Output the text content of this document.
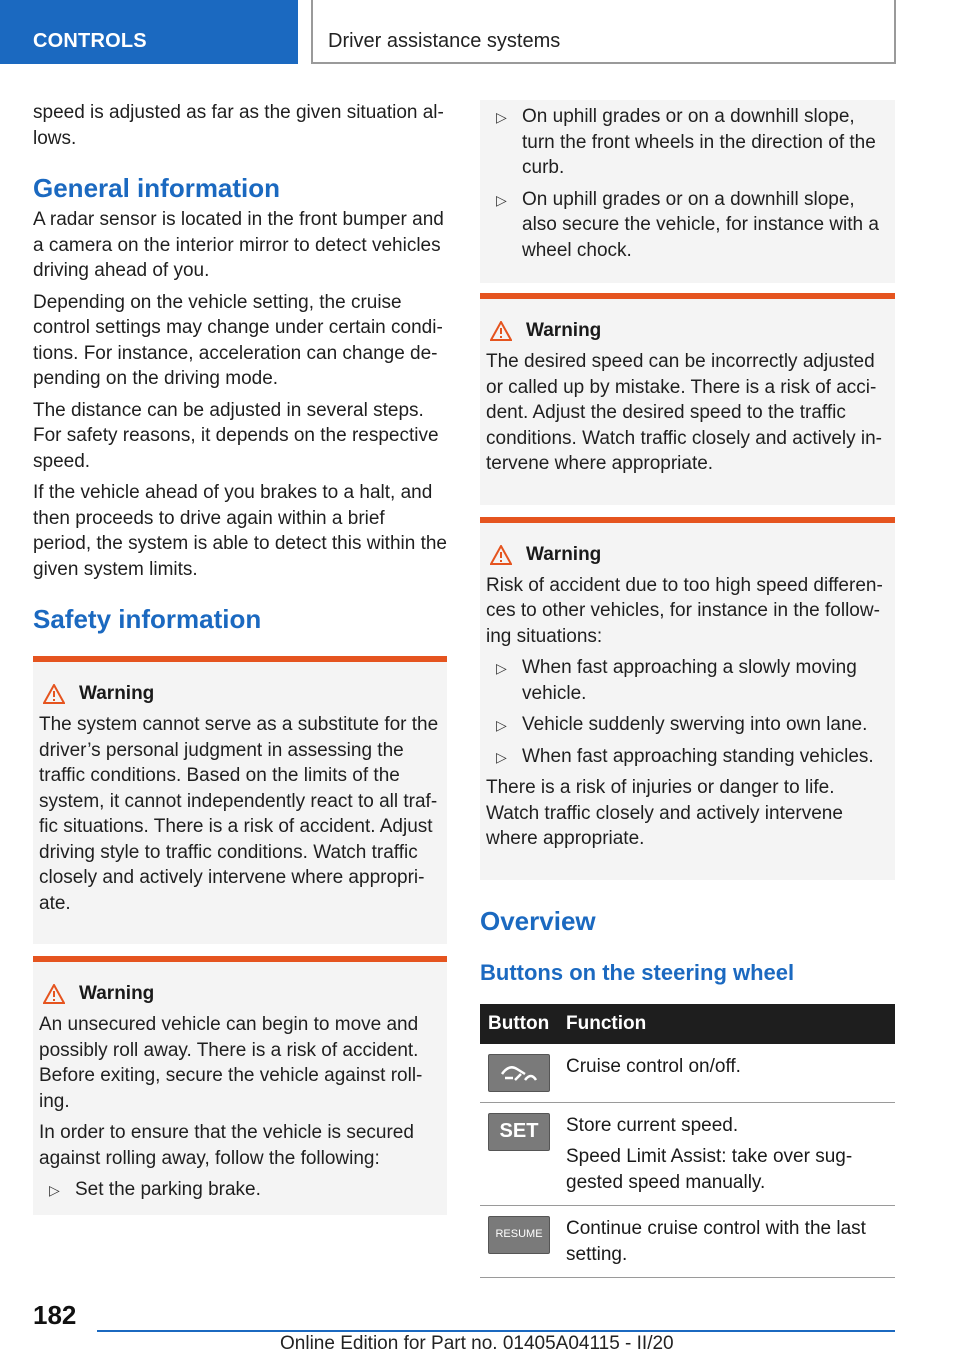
CONTROLS	Driver assistance systems

speed is adjusted as far as the given situation al-lows.

General information

A radar sensor is located in the front bumper and a camera on the interior mirror to detect vehicles driving ahead of you.

Depending on the vehicle setting, the cruise control settings may change under certain condi-tions. For instance, acceleration can change de-pending on the driving mode.

The distance can be adjusted in several steps. For safety reasons, it depends on the respective speed.

If the vehicle ahead of you brakes to a halt, and then proceeds to drive again within a brief period, the system is able to detect this within the given system limits.

Safety information
Warning

The system cannot serve as a substitute for the driver’s personal judgment in assessing the traffic conditions. Based on the limits of the system, it cannot independently react to all traf-fic situations. There is a risk of accident. Adjust driving style to traffic conditions. Watch traffic closely and actively intervene where appropri-ate.

Warning

An unsecured vehicle can begin to move and possibly roll away. There is a risk of accident. Before exiting, secure the vehicle against roll-ing.

In order to ensure that the vehicle is secured against rolling away, follow the following:

▷ Set the parking brake.
▷ On uphill grades or on a downhill slope, turn the front wheels in the direction of the curb.
▷ On uphill grades or on a downhill slope, also secure the vehicle, for instance with a wheel chock.
Warning

The desired speed can be incorrectly adjusted or called up by mistake. There is a risk of acci-dent. Adjust the desired speed to the traffic conditions. Watch traffic closely and actively in-tervene where appropriate.

Warning

Risk of accident due to too high speed differen-ces to other vehicles, for instance in the follow-ing situations:

▷ When fast approaching a slowly moving vehicle.
▷ Vehicle suddenly swerving into own lane.
▷ When fast approaching standing vehicles.

There is a risk of injuries or danger to life. Watch traffic closely and actively intervene where appropriate.

Overview
Buttons on the steering wheel
Button	Function

Cruise control on/off.

SET	Store current speed.
Speed Limit Assist: take over sug-gested speed manually.

RESUME	Continue cruise control with the last setting.
182
Online Edition for Part no. 01405A04115 - II/20
